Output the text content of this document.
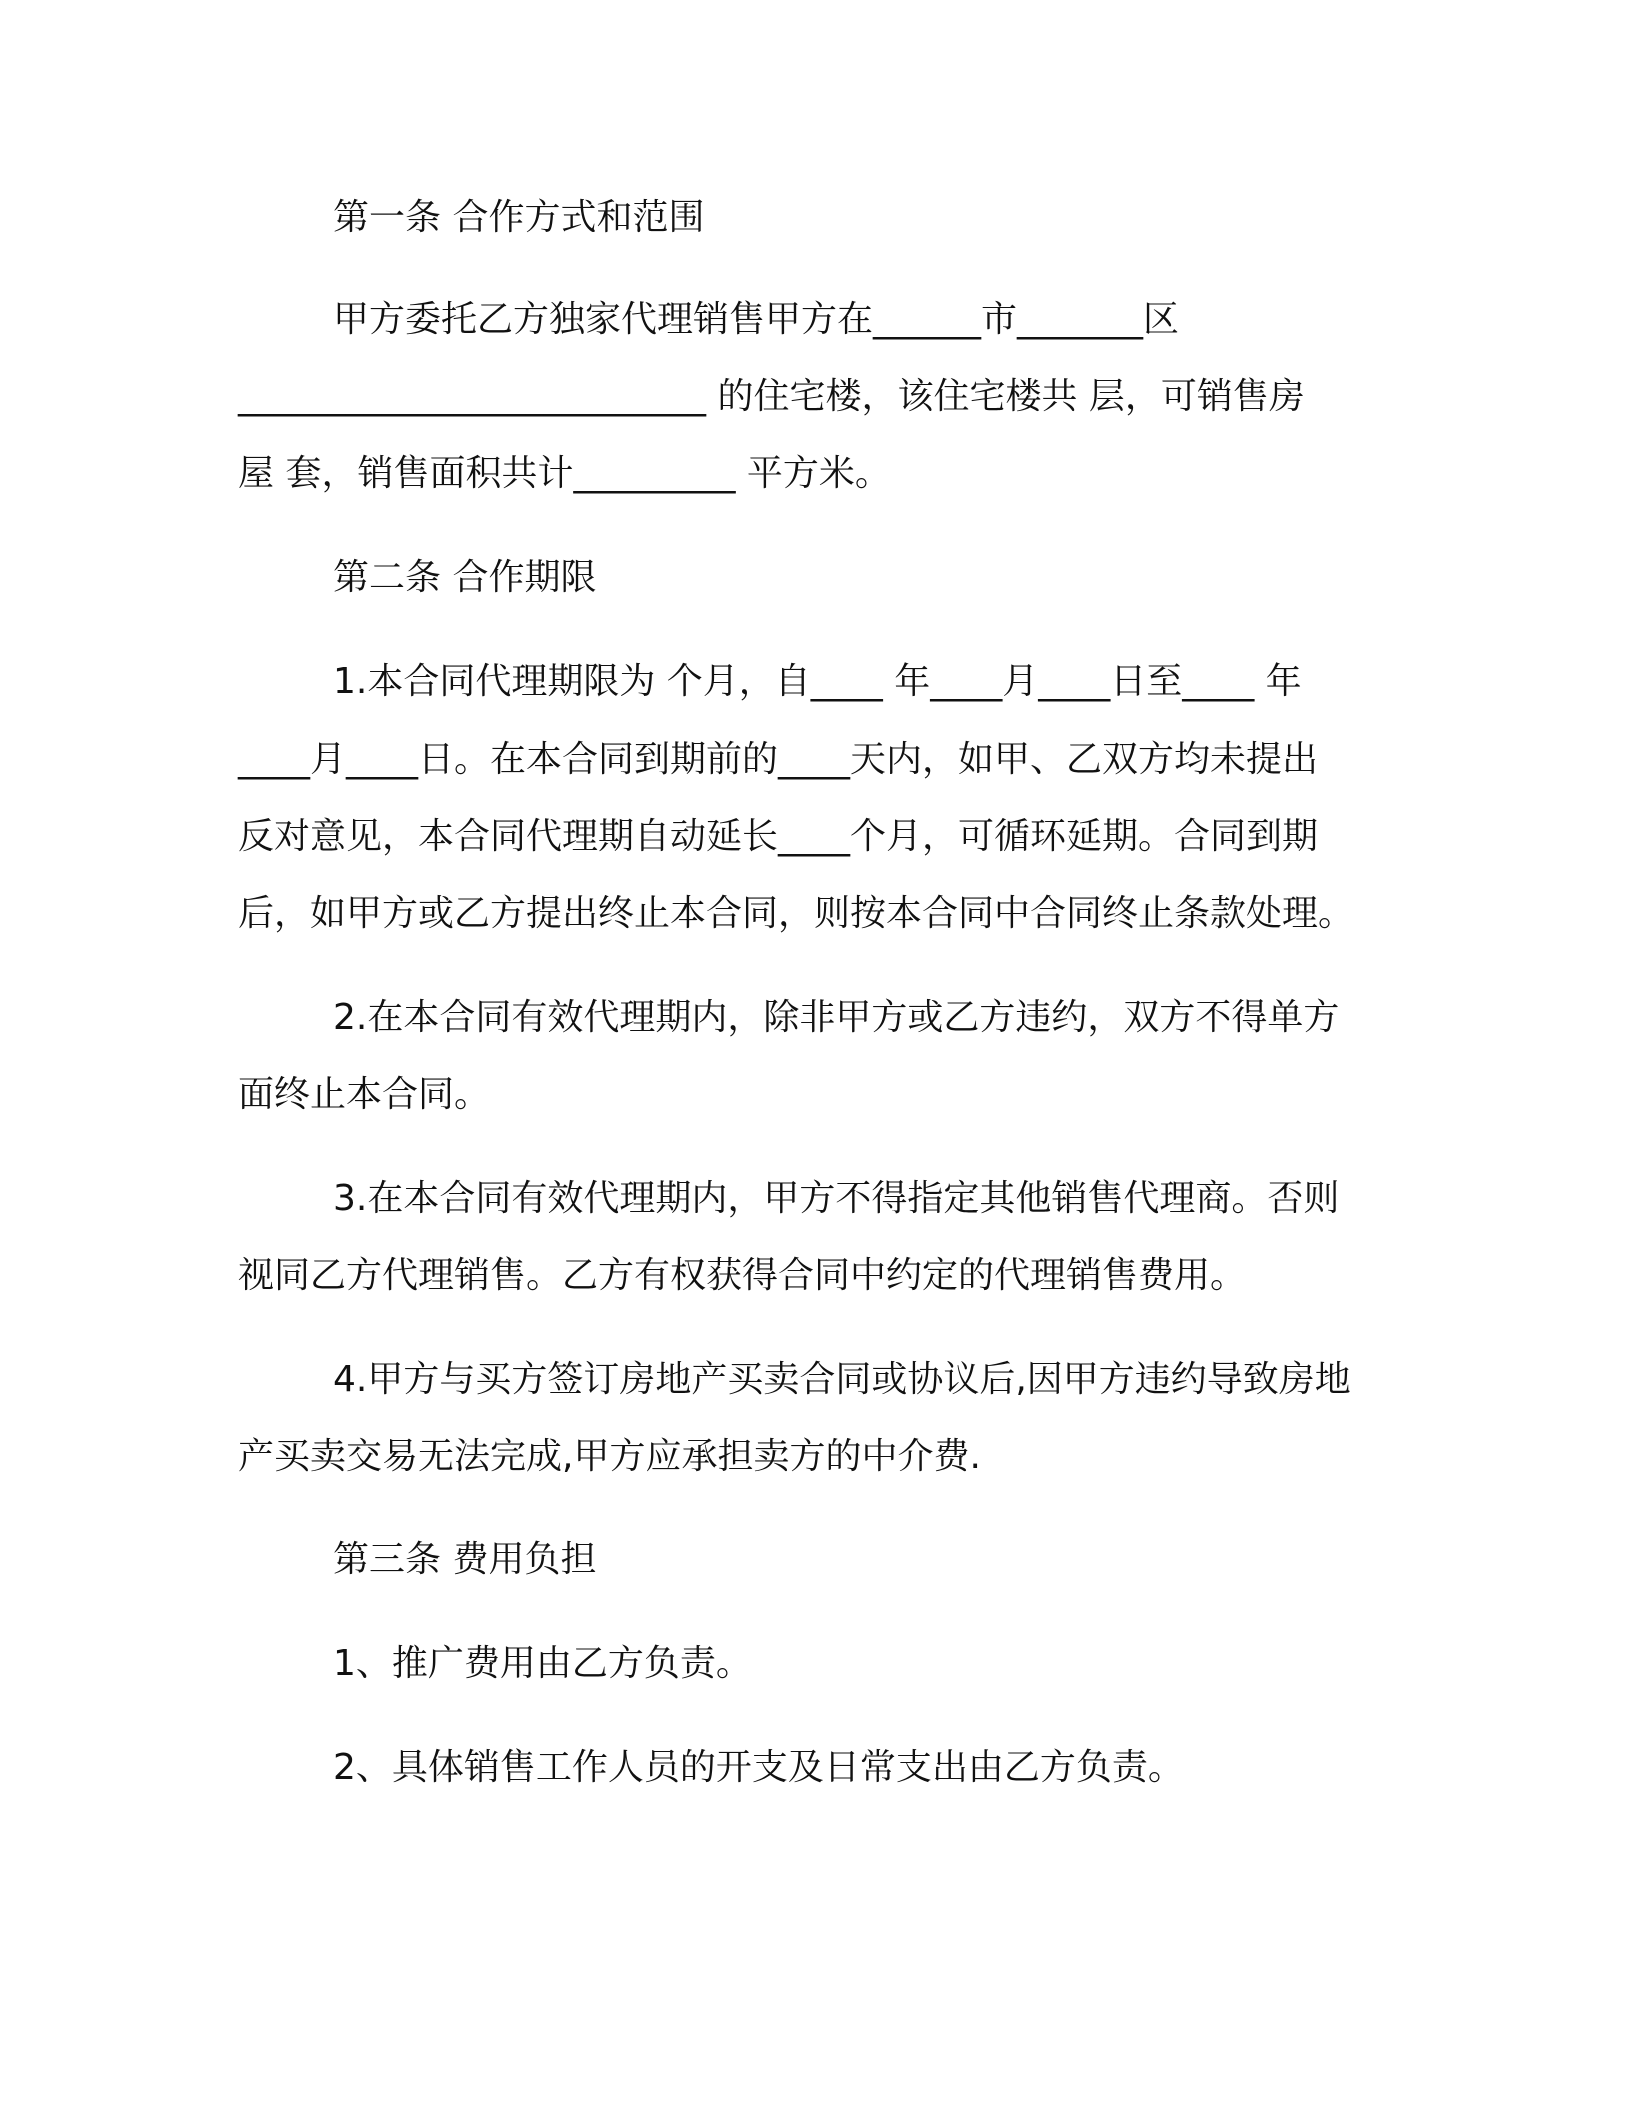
第一条 合作方式和范围
甲方委托乙方独家代理销售甲方在______市_______区
__________________________ 的住宅楼，该住宅楼共 层，可销售房
屋 套，销售面积共计_________ 平方米。
第二条 合作期限
1.本合同代理期限为 个月，自____ 年____月____日至____ 年
____月____日。在本合同到期前的____天内，如甲、乙双方均未提出
反对意见，本合同代理期自动延长____个月，可循环延期。合同到期
后，如甲方或乙方提出终止本合同，则按本合同中合同终止条款处理。
2.在本合同有效代理期内，除非甲方或乙方违约，双方不得单方
面终止本合同。
3.在本合同有效代理期内，甲方不得指定其他销售代理商。否则
视同乙方代理销售。乙方有权获得合同中约定的代理销售费用。
4.甲方与买方签订房地产买卖合同或协议后,因甲方违约导致房地
产买卖交易无法完成,甲方应承担卖方的中介费.
第三条 费用负担
1、推广费用由乙方负责。
2、具体销售工作人员的开支及日常支出由乙方负责。
